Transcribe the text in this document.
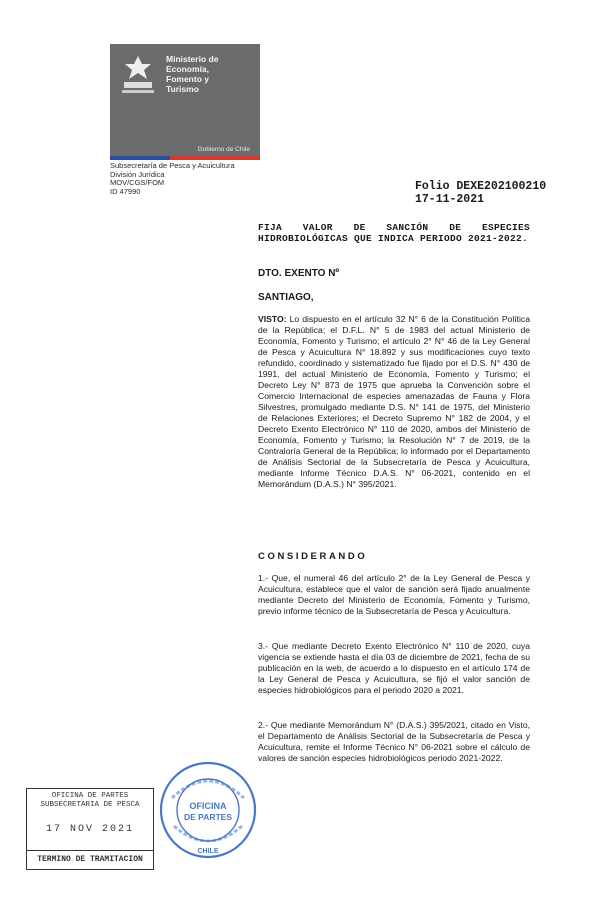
Ministerio de
Economía,
Fomento y
Turismo
Gobierno de Chile
Subsecretaría de Pesca y Acuicultura
División Jurídica
MOV/CGS/FOM
ID 47990	Folio DEXE202100210
17-11-2021
FIJA VALOR DE SANCIÓN DE ESPECIES HIDROBIOLÓGICAS QUE INDICA PERIODO 2021-2022.
DTO. EXENTO Nº
SANTIAGO,
VISTO: Lo dispuesto en el artículo 32 N° 6 de la Constitución Política de la República; el D.F.L. N° 5 de 1983 del actual Ministerio de Economía, Fomento y Turismo; el artículo 2° N° 46 de la Ley General de Pesca y Acuicultura N° 18.892 y sus modificaciones cuyo texto refundido, coordinado y sistematizado fue fijado por el D.S. N° 430 de 1991, del actual Ministerio de Economía, Fomento y Turismo; el Decreto Ley N° 873 de 1975 que aprueba la Convención sobre el Comercio Internacional de especies amenazadas de Fauna y Flora Silvestres, promulgado mediante D.S. N° 141 de 1975, del Ministerio de Relaciones Exteriores; el Decreto Supremo N° 182 de 2004, y el Decreto Exento Electrónico N° 110 de 2020, ambos del Ministerio de Economía, Fomento y Turismo; la Resolución N° 7 de 2019, de la Contraloría General de la República; lo informado por el Departamento de Análisis Sectorial de la Subsecretaría de Pesca y Acuicultura, mediante Informe Técnico D.A.S. N° 06-2021, contenido en el Memorándum (D.A.S.) N° 395/2021.
CONSIDERANDO
1.- Que, el numeral 46 del artículo 2° de la Ley General de Pesca y Acuicultura, establece que el valor de sanción será fijado anualmente mediante Decreto del Ministerio de Economía, Fomento y Turismo, previo informe técnico de la Subsecretaría de Pesca y Acuicultura.
3.- Que mediante Decreto Exento Electrónico N° 110 de 2020, cuya vigencia se extiende hasta el día 03 de diciembre de 2021, fecha de su publicación en la web, de acuerdo a lo dispuesto en el artículo 174 de la Ley General de Pesca y Acuicultura, se fijó el valor sanción de especies hidrobiológicos para el periodo 2020 a 2021.
2.- Que mediante Memorándum N° (D.A.S.) 395/2021, citado en Visto, el Departamento de Análisis Sectorial de la Subsecretaría de Pesca y Acuicultura, remite el Informe Técnico N° 06-2021 sobre el cálculo de valores de sanción especies hidrobiológicos periodo 2021-2022.
OFICINA DE PARTES
SUBSECRETARIA DE PESCA
17 NOV 2021
TERMINO DE TRAMITACION
OFICINA
DE PARTES
CHILE
